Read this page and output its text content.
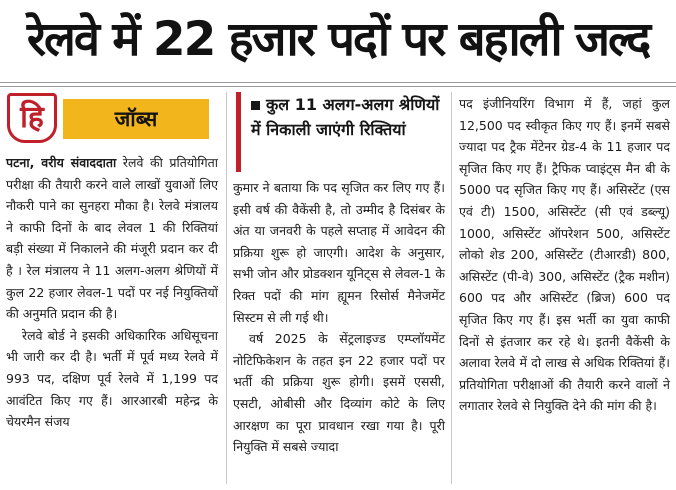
रेलवे में 22 हजार पदों पर बहाली जल्द
हि	जॉब्स
कुल 11 अलग-अलग श्रेणियों में निकाली जाएंगी रिक्तियां

पटना, वरीय संवाददाता रेलवे की प्रतियोगिता परीक्षा की तैयारी करने वाले लाखों युवाओं लिए नौकरी पाने का सुनहरा मौका है। रेलवे मंत्रालय ने काफी दिनों के बाद लेवल 1 की रिक्तियां बड़ी संख्या में निकालने की मंजूरी प्रदान कर दी है । रेल मंत्रालय ने 11 अलग-अलग श्रेणियों में कुल 22 हजार लेवल-1 पदों पर नई नियुक्तियों की अनुमति प्रदान की है।

रेलवे बोर्ड ने इसकी अधिकारिक अधिसूचना भी जारी कर दी है। भर्ती में पूर्व मध्य रेलवे में 993 पद, दक्षिण पूर्व रेलवे में 1,199 पद आवंटित किए गए हैं। आरआरबी महेन्द्र के चेयरमैन संजय

कुमार ने बताया कि पद सृजित कर लिए गए हैं। इसी वर्ष की वैकेंसी है, तो उम्मीद है दिसंबर के अंत या जनवरी के पहले सप्ताह में आवेदन की प्रक्रिया शुरू हो जाएगी। आदेश के अनुसार, सभी जोन और प्रोडक्शन यूनिट्स से लेवल-1 के रिक्त पदों की मांग ह्यूमन रिसोर्स मैनेजमेंट सिस्टम से ली गई थी।

वर्ष 2025 के सेंट्रलाइज्ड एम्प्लॉयमेंट नोटिफिकेशन के तहत इन 22 हजार पदों पर भर्ती की प्रक्रिया शुरू होगी। इसमें एससी, एसटी, ओबीसी और दिव्यांग कोटे के लिए आरक्षण का पूरा प्रावधान रखा गया है। पूरी नियुक्ति में सबसे ज्यादा

पद इंजीनियरिंग विभाग में हैं, जहां कुल 12,500 पद स्वीकृत किए गए हैं। इनमें सबसे ज्यादा पद ट्रैक मेंटेनर ग्रेड-4 के 11 हजार पद सृजित किए गए हैं। ट्रैफिक प्वाइंट्स मैन बी के 5000 पद सृजित किए गए हैं। असिस्टेंट (एस एवं टी) 1500, असिस्टेंट (सी एवं डब्ल्यू) 1000, असिस्टेंट ऑपरेशन 500, असिस्टेंट लोको शेड 200, असिस्टेंट (टीआरडी) 800, असिस्टेंट (पी-वे) 300, असिस्टेंट (ट्रैक मशीन) 600 पद और असिस्टेंट (ब्रिज) 600 पद सृजित किए गए हैं। इस भर्ती का युवा काफी दिनों से इंतजार कर रहे थे। इतनी वैकेंसी के अलावा रेलवे में दो लाख से अधिक रिक्तियां हैं। प्रतियोगिता परीक्षाओं की तैयारी करने वालों ने लगातार रेलवे से नियुक्ति देने की मांग की है।
